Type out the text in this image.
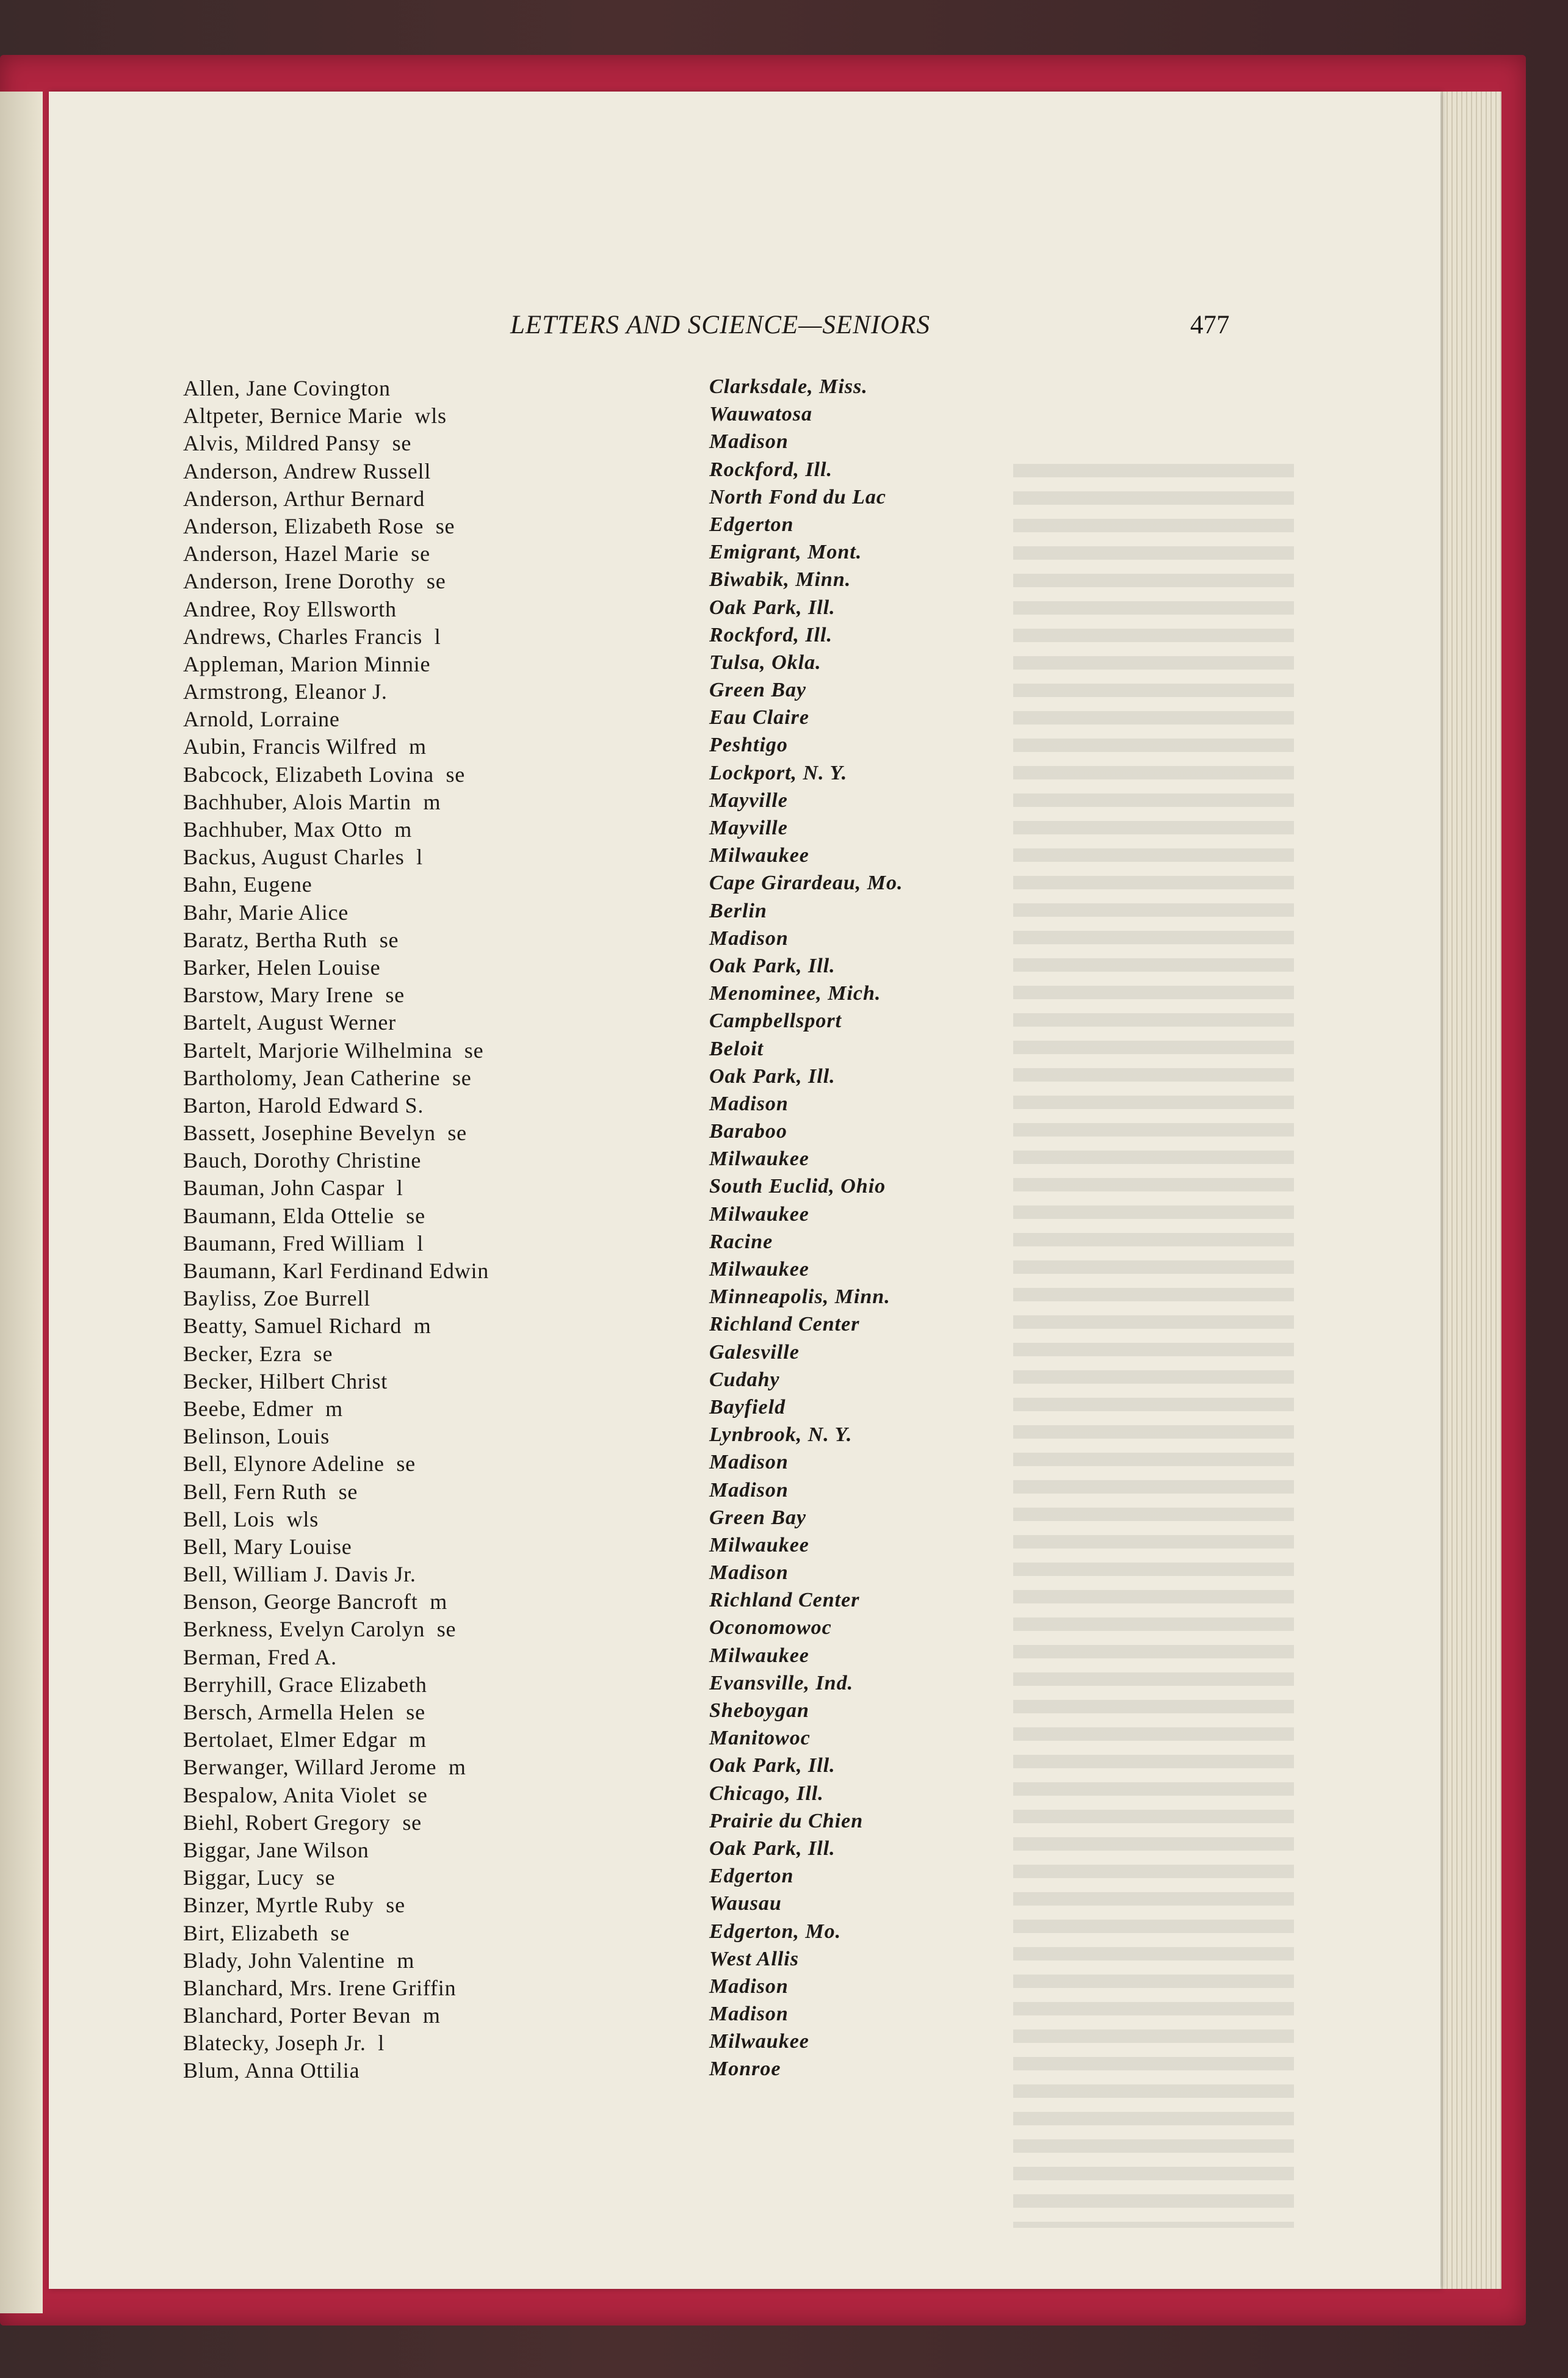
LETTERS AND SCIENCE—SENIORS	477
Allen, Jane Covington	Clarksdale, Miss.
Altpeter, Bernice Marie  wls	Wauwatosa
Alvis, Mildred Pansy  se	Madison
Anderson, Andrew Russell	Rockford, Ill.
Anderson, Arthur Bernard	North Fond du Lac
Anderson, Elizabeth Rose  se	Edgerton
Anderson, Hazel Marie  se	Emigrant, Mont.
Anderson, Irene Dorothy  se	Biwabik, Minn.
Andree, Roy Ellsworth	Oak Park, Ill.
Andrews, Charles Francis  l	Rockford, Ill.
Appleman, Marion Minnie	Tulsa, Okla.
Armstrong, Eleanor J.	Green Bay
Arnold, Lorraine	Eau Claire
Aubin, Francis Wilfred  m	Peshtigo
Babcock, Elizabeth Lovina  se	Lockport, N. Y.
Bachhuber, Alois Martin  m	Mayville
Bachhuber, Max Otto  m	Mayville
Backus, August Charles  l	Milwaukee
Bahn, Eugene	Cape Girardeau, Mo.
Bahr, Marie Alice	Berlin
Baratz, Bertha Ruth  se	Madison
Barker, Helen Louise	Oak Park, Ill.
Barstow, Mary Irene  se	Menominee, Mich.
Bartelt, August Werner	Campbellsport
Bartelt, Marjorie Wilhelmina  se	Beloit
Bartholomy, Jean Catherine  se	Oak Park, Ill.
Barton, Harold Edward S.	Madison
Bassett, Josephine Bevelyn  se	Baraboo
Bauch, Dorothy Christine	Milwaukee
Bauman, John Caspar  l	South Euclid, Ohio
Baumann, Elda Ottelie  se	Milwaukee
Baumann, Fred William  l	Racine
Baumann, Karl Ferdinand Edwin	Milwaukee
Bayliss, Zoe Burrell	Minneapolis, Minn.
Beatty, Samuel Richard  m	Richland Center
Becker, Ezra  se	Galesville
Becker, Hilbert Christ	Cudahy
Beebe, Edmer  m	Bayfield
Belinson, Louis	Lynbrook, N. Y.
Bell, Elynore Adeline  se	Madison
Bell, Fern Ruth  se	Madison
Bell, Lois  wls	Green Bay
Bell, Mary Louise	Milwaukee
Bell, William J. Davis Jr.	Madison
Benson, George Bancroft  m	Richland Center
Berkness, Evelyn Carolyn  se	Oconomowoc
Berman, Fred A.	Milwaukee
Berryhill, Grace Elizabeth	Evansville, Ind.
Bersch, Armella Helen  se	Sheboygan
Bertolaet, Elmer Edgar  m	Manitowoc
Berwanger, Willard Jerome  m	Oak Park, Ill.
Bespalow, Anita Violet  se	Chicago, Ill.
Biehl, Robert Gregory  se	Prairie du Chien
Biggar, Jane Wilson	Oak Park, Ill.
Biggar, Lucy  se	Edgerton
Binzer, Myrtle Ruby  se	Wausau
Birt, Elizabeth  se	Edgerton, Mo.
Blady, John Valentine  m	West Allis
Blanchard, Mrs. Irene Griffin	Madison
Blanchard, Porter Bevan  m	Madison
Blatecky, Joseph Jr.  l	Milwaukee
Blum, Anna Ottilia	Monroe
